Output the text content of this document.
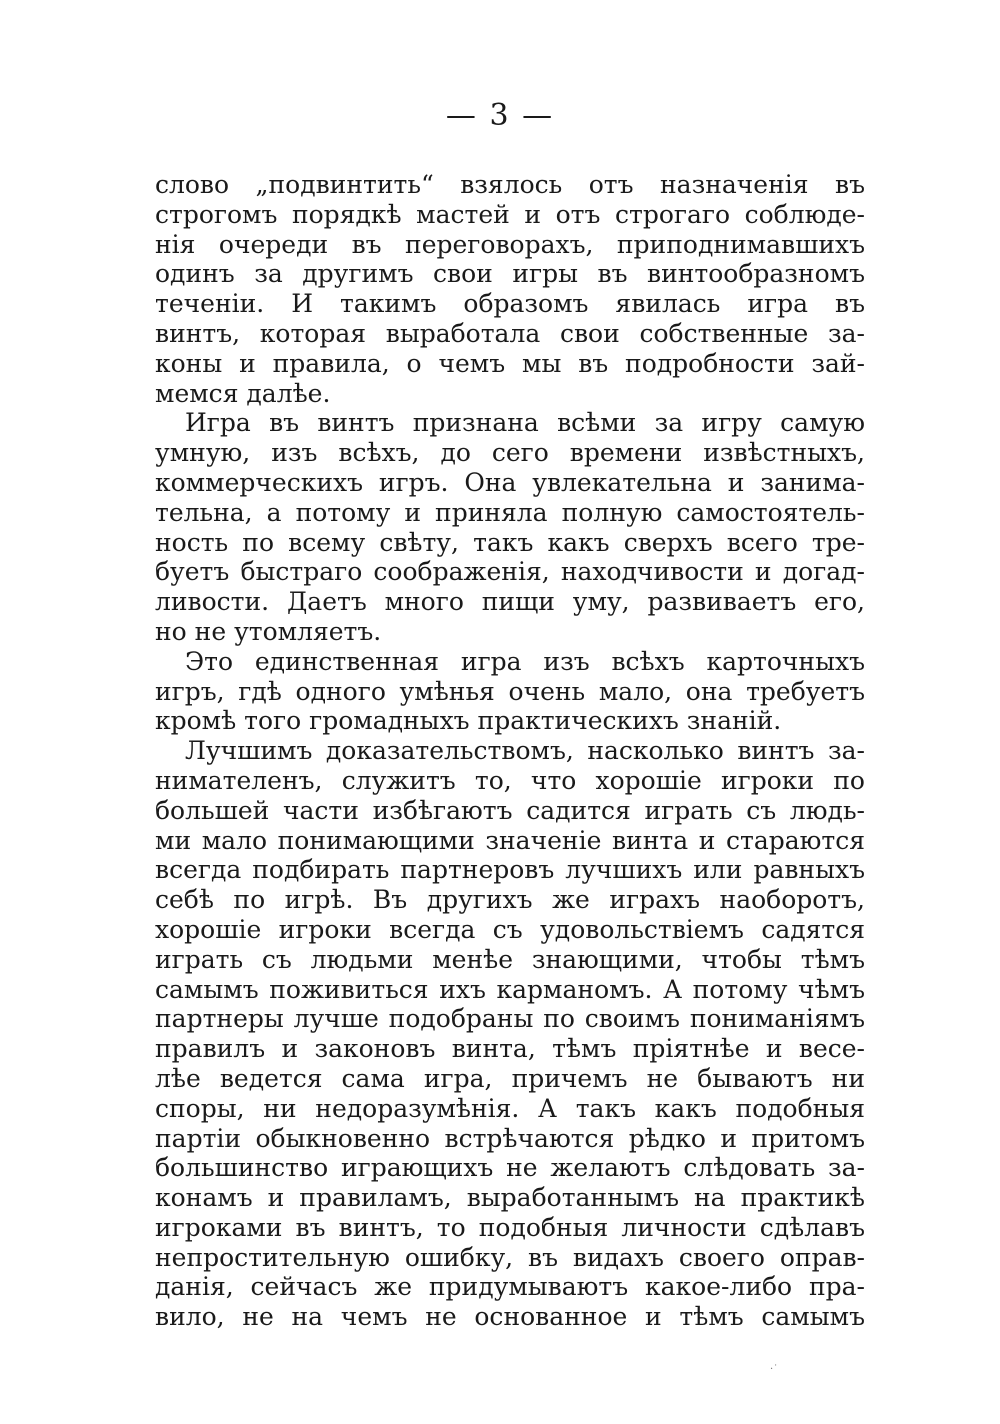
— 3 —
слово „подвинтить“ взялось отъ назначенія въ
строгомъ порядкѣ мастей и отъ строгаго соблюде-
нія очереди въ переговорахъ, приподнимавшихъ
одинъ за другимъ свои игры въ винтообразномъ
теченіи. И такимъ образомъ явилась игра въ
винтъ, которая выработала свои собственные за-
коны и правила, о чемъ мы въ подробности зай-
мемся далѣе.
Игра въ винтъ признана всѣми за игру самую
умную, изъ всѣхъ, до сего времени извѣстныхъ,
коммерческихъ игръ. Она увлекательна и занима-
тельна, а потому и приняла полную самостоятель-
ность по всему свѣту, такъ какъ сверхъ всего тре-
буетъ быстраго соображенія, находчивости и догад-
ливости. Даетъ много пищи уму, развиваетъ его,
но не утомляетъ.
Это единственная игра изъ всѣхъ карточныхъ
игръ, гдѣ одного умѣнья очень мало, она требуетъ
кромѣ того громадныхъ практическихъ знаній.
Лучшимъ доказательствомъ, насколько винтъ за-
нимателенъ, служитъ то, что хорошіе игроки по
большей части избѣгаютъ садится играть съ людь-
ми мало понимающими значеніе винта и стараются
всегда подбирать партнеровъ лучшихъ или равныхъ
себѣ по игрѣ. Въ другихъ же играхъ наоборотъ,
хорошіе игроки всегда съ удовольствіемъ садятся
играть съ людьми менѣе знающими, чтобы тѣмъ
самымъ поживиться ихъ карманомъ. А потому чѣмъ
партнеры лучше подобраны по своимъ пониманіямъ
правилъ и законовъ винта, тѣмъ пріятнѣе и весе-
лѣе ведется сама игра, причемъ не бываютъ ни
споры, ни недоразумѣнія. А такъ какъ подобныя
партіи обыкновенно встрѣчаются рѣдко и притомъ
большинство играющихъ не желаютъ слѣдовать за-
конамъ и правиламъ, выработаннымъ на практикѣ
игроками въ винтъ, то подобныя личности сдѣлавъ
непростительную ошибку, въ видахъ своего оправ-
данія, сейчасъ же придумываютъ какое-либо пра-
вило, не на чемъ не основанное и тѣмъ самымъ
·˙
